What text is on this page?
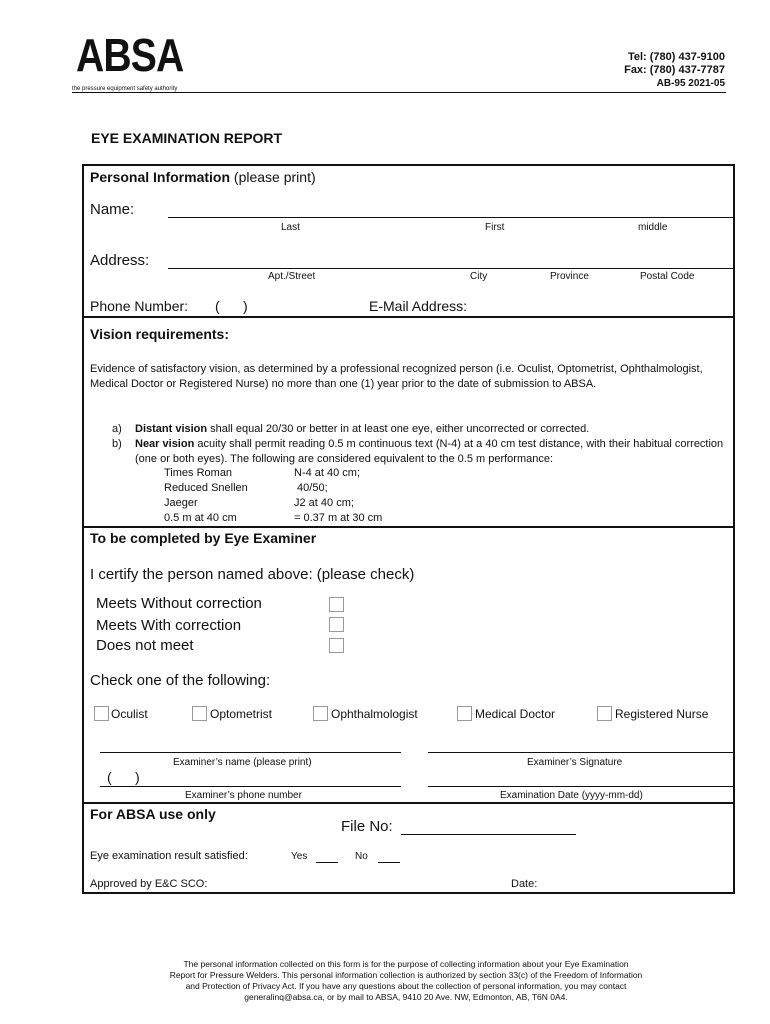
ABSA
the pressure equipment safety authority
Tel: (780) 437-9100
Fax: (780) 437-7787
AB-95 2021-05
EYE EXAMINATION REPORT
Personal Information (please print)
Name:
Last	First	middle
Address:
Apt./Street	City	Province	Postal Code
Phone Number: (      )	E-Mail Address:
Vision requirements:
Evidence of satisfactory vision, as determined by a professional recognized person (i.e. Oculist, Optometrist, Ophthalmologist, Medical Doctor or Registered Nurse) no more than one (1) year prior to the date of submission to ABSA.
a) Distant vision shall equal 20/30 or better in at least one eye, either uncorrected or corrected.
b) Near vision acuity shall permit reading 0.5 m continuous text (N-4) at a 40 cm test distance, with their habitual correction (one or both eyes). The following are considered equivalent to the 0.5 m performance:
Times Roman	N-4 at 40 cm;
Reduced Snellen	40/50;
Jaeger	J2 at 40 cm;
0.5 m at 40 cm	= 0.37 m at 30 cm
To be completed by Eye Examiner
I certify the person named above: (please check)
Meets Without correction
Meets With correction
Does not meet
Check one of the following:
Oculist	Optometrist	Ophthalmologist	Medical Doctor	Registered Nurse
Examiner’s name (please print)	Examiner’s Signature
(      )
Examiner’s phone number	Examination Date (yyyy-mm-dd)
For ABSA use only
File No:
Eye examination result satisfied:	Yes	No
Approved by E&C SCO:	Date:
The personal information collected on this form is for the purpose of collecting information about your Eye Examination
Report for Pressure Welders. This personal information collection is authorized by section 33(c) of the Freedom of Information
and Protection of Privacy Act. If you have any questions about the collection of personal information, you may contact
generalinq@absa.ca, or by mail to ABSA, 9410 20 Ave. NW, Edmonton, AB, T6N 0A4.
